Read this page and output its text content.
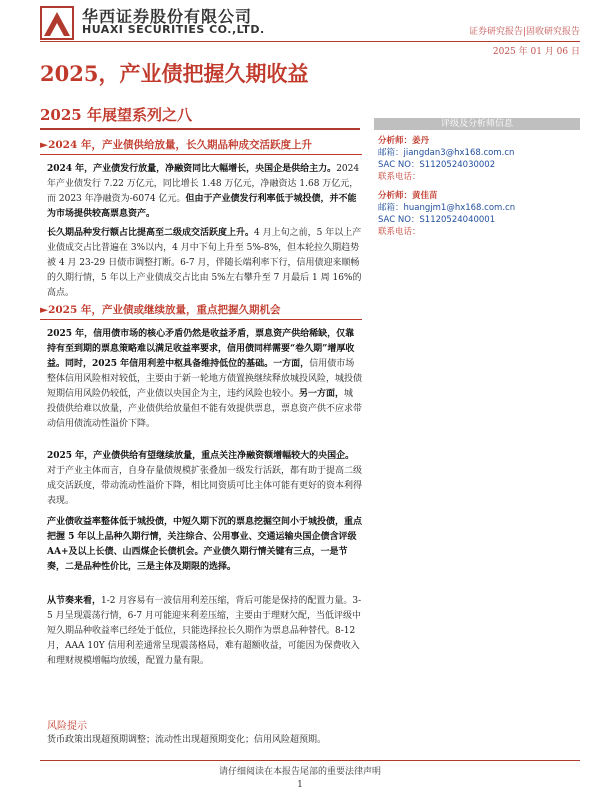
华西证券股份有限公司
HUAXI SECURITIES CO.,LTD.	证券研究报告|固收研究报告
2025 年 01 月 06 日
2025，产业债把握久期收益
2025 年展望系列之八	评级及分析师信息
分析师：姜丹
邮箱：jiangdan3@hx168.com.cn
SAC NO：S1120524030002
联系电话：
分析师：黄佳苗
邮箱：huangjm1@hx168.com.cn
SAC NO：S1120524040001
联系电话：
►2024 年，产业债供给放量，长久期品种成交活跃度上升
2024 年，产业债发行放量，净融资同比大幅增长，央国企是供给主力。2024 年产业债发行 7.22 万亿元，同比增长 1.48 万亿元，净融资达 1.68 万亿元，而 2023 年净融资为-6074 亿元。但由于产业债发行利率低于城投债，并不能为市场提供较高票息资产。
长久期品种发行额占比提高至二级成交活跃度上升。4 月上旬之前，5 年以上产业债成交占比普遍在 3%以内，4 月中下旬上升至 5%-8%，但本轮拉久期趋势被 4 月 23-29 日债市调整打断。6-7 月，伴随长端利率下行，信用债迎来顺畅的久期行情，5 年以上产业债成交占比由 5%左右攀升至 7 月最后 1 周 16%的高点。
►2025 年，产业债或继续放量，重点把握久期机会
2025 年，信用债市场的核心矛盾仍然是收益矛盾，票息资产供给稀缺，仅靠持有至到期的票息策略难以满足收益率要求，信用债同样需要“卷久期”增厚收益。同时，2025 年信用利差中枢具备维持低位的基础。一方面，信用债市场整体信用风险相对较低，主要由于新一轮地方债置换继续释放城投风险，城投债短期信用风险仍较低，产业债以央国企为主，违约风险也较小。另一方面，城投债供给难以放量，产业债供给放量但不能有效提供票息，票息资产供不应求带动信用债流动性溢价下降。
2025 年，产业债供给有望继续放量，重点关注净融资额增幅较大的央国企。对于产业主体而言，自身存量债规模扩张叠加一级发行活跃，都有助于提高二级成交活跃度，带动流动性溢价下降，相比同资质可比主体可能有更好的资本利得表现。
产业债收益率整体低于城投债，中短久期下沉的票息挖掘空间小于城投债，重点把握 5 年以上品种久期行情，关注综合、公用事业、交通运输央国企债含评级 AA+及以上长债、山西煤企长债机会。产业债久期行情关键有三点，一是节奏，二是品种性价比，三是主体及期限的选择。
从节奏来看，1-2 月容易有一波信用利差压缩，背后可能是保持的配置力量。3-5 月呈现震荡行情，6-7 月可能迎来利差压缩，主要由于理财欠配，当低评级中短久期品种收益率已经处于低位，只能选择拉长久期作为票息品种替代。8-12 月，AAA 10Y 信用利差通常呈现震荡格局，难有超额收益，可能因为保费收入和理财规模增幅均放缓，配置力量有限。
风险提示
货币政策出现超预期调整；流动性出现超预期变化；信用风险超预期。
请仔细阅读在本报告尾部的重要法律声明
1
